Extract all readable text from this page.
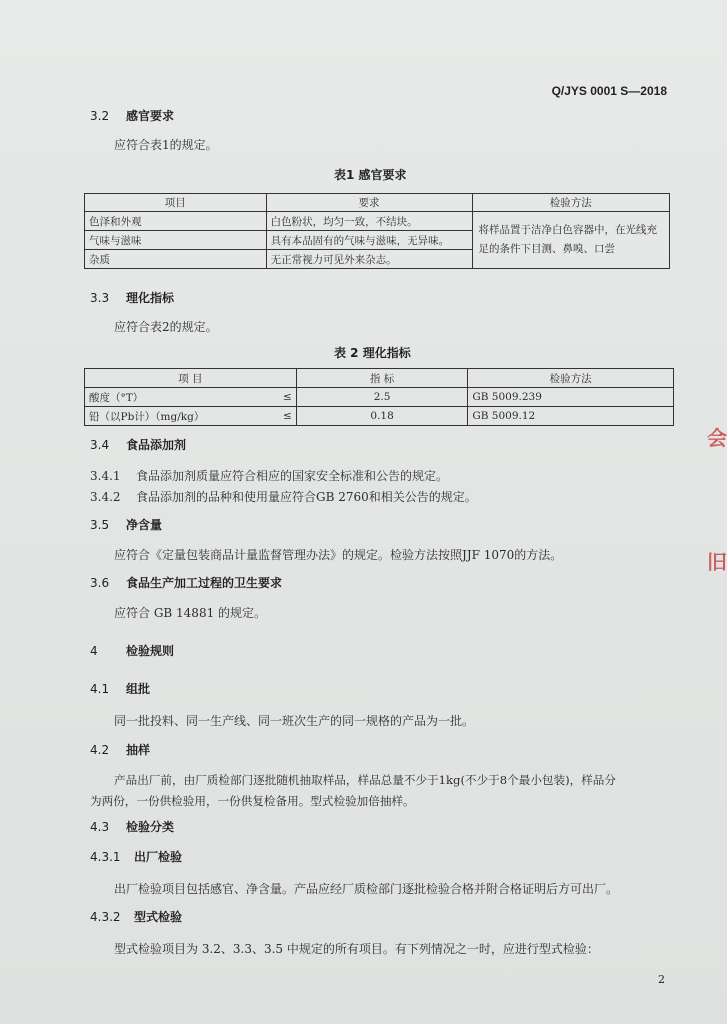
Q/JYS 0001 S—2018
3.2 感官要求
应符合表1的规定。
表1 感官要求
项目	要求	检验方法
色泽和外观	白色粉状，均匀一致，不结块。	将样品置于洁净白色容器中，在光线充足的条件下目测、鼻嗅、口尝
气味与滋味	具有本品固有的气味与滋味，无异味。	
杂质	无正常视力可见外来杂志。	
3.3 理化指标
应符合表2的规定。
表 2 理化指标
项 目		指 标	检验方法
酸度（°T）	≤	2.5	GB 5009.239
铅（以Pb计）（mg/kg）	≤	0.18	GB 5009.12
3.4 食品添加剂
3.4.1 食品添加剂质量应符合相应的国家安全标准和公告的规定。
3.4.2 食品添加剂的品种和使用量应符合GB 2760和相关公告的规定。
3.5 净含量
应符合《定量包装商品计量监督管理办法》的规定。检验方法按照JJF 1070的方法。
3.6 食品生产加工过程的卫生要求
应符合 GB 14881 的规定。
4 检验规则
4.1 组批
同一批投料、同一生产线、同一班次生产的同一规格的产品为一批。
4.2 抽样
产品出厂前，由厂质检部门逐批随机抽取样品，样品总量不少于1kg(不少于8个最小包装)，样品分
为两份，一份供检验用，一份供复检备用。型式检验加倍抽样。
4.3 检验分类
4.3.1 出厂检验
出厂检验项目包括感官、净含量。产品应经厂质检部门逐批检验合格并附合格证明后方可出厂。
4.3.2 型式检验
型式检验项目为 3.2、3.3、3.5 中规定的所有项目。有下列情况之一时，应进行型式检验：
2
会
旧
